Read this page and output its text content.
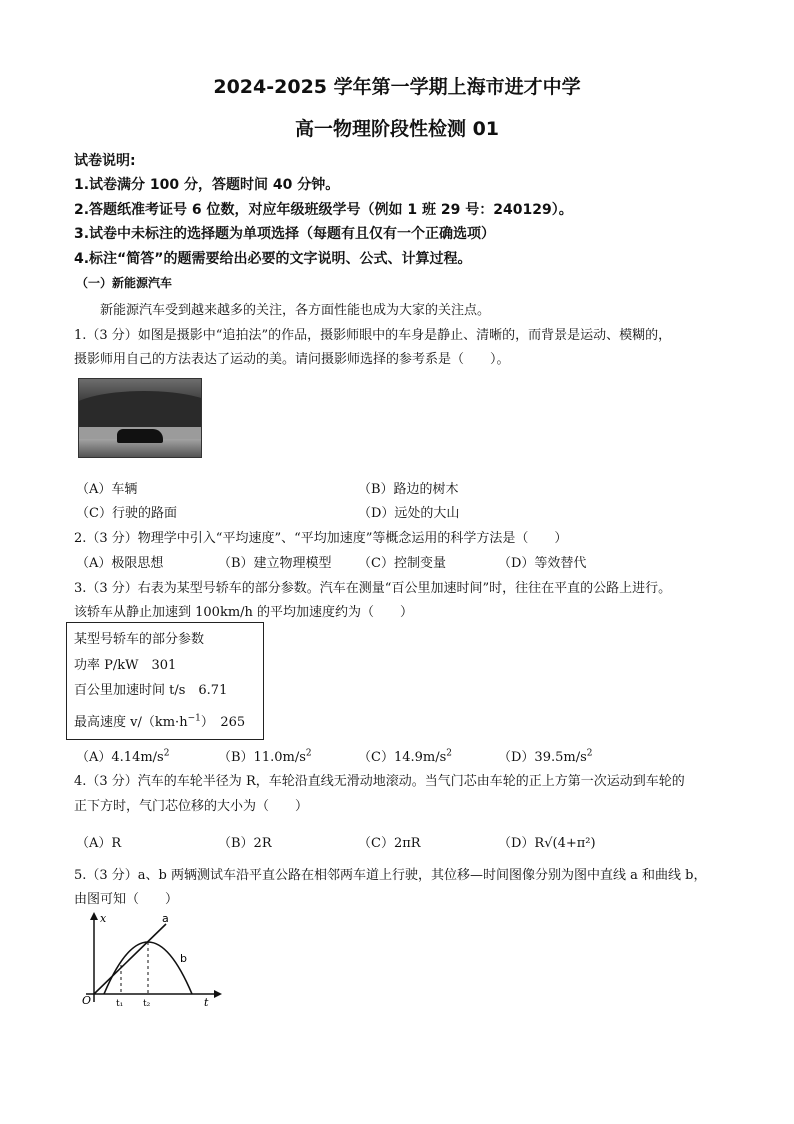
2024-2025 学年第一学期上海市进才中学
高一物理阶段性检测 01
试卷说明:
1.试卷满分 100 分，答题时间 40 分钟。
2.答题纸准考证号 6 位数，对应年级班级学号（例如 1 班 29 号：240129）。
3.试卷中未标注的选择题为单项选择（每题有且仅有一个正确选项）
4.标注“简答”的题需要给出必要的文字说明、公式、计算过程。
（一）新能源汽车
新能源汽车受到越来越多的关注，各方面性能也成为大家的关注点。
1.（3 分）如图是摄影中“追拍法”的作品，摄影师眼中的车身是静止、清晰的，而背景是运动、模糊的，
摄影师用自己的方法表达了运动的美。请问摄影师选择的参考系是（　　）。
（A）车辆	（B）路边的树木
（C）行驶的路面	（D）远处的大山
2.（3 分）物理学中引入“平均速度”、“平均加速度”等概念运用的科学方法是（　　）
（A）极限思想	（B）建立物理模型 （C）控制变量	（D）等效替代
3.（3 分）右表为某型号轿车的部分参数。汽车在测量“百公里加速时间”时，往往在平直的公路上进行。
该轿车从静止加速到 100km/h 的平均加速度约为（　　）
某型号轿车的部分参数
功率 P/kW　301
百公里加速时间 t/s　6.71
最高速度 $v/(km\cdot h^{-1})$　265
$(A)4.14m/s^2$	$(B)11.0m/s^2$	$(C)14.9m/s^2$	$(D)39.5m/s^2$
4.（3 分）汽车的车轮半径为 R，车轮沿直线无滑动地滚动。当气门芯由车轮的正上方第一次运动到车轮的
正下方时，气门芯位移的大小为（　　）
（A）R	（B）2R	（C）2πR	（D）R√(4+π²)
5.（3 分）a、b 两辆测试车沿平直公路在相邻两车道上行驶，其位移—时间图像分别为图中直线 a 和曲线 b，
由图可知（　　）
x
t
O	t₁ t₂
a
b
